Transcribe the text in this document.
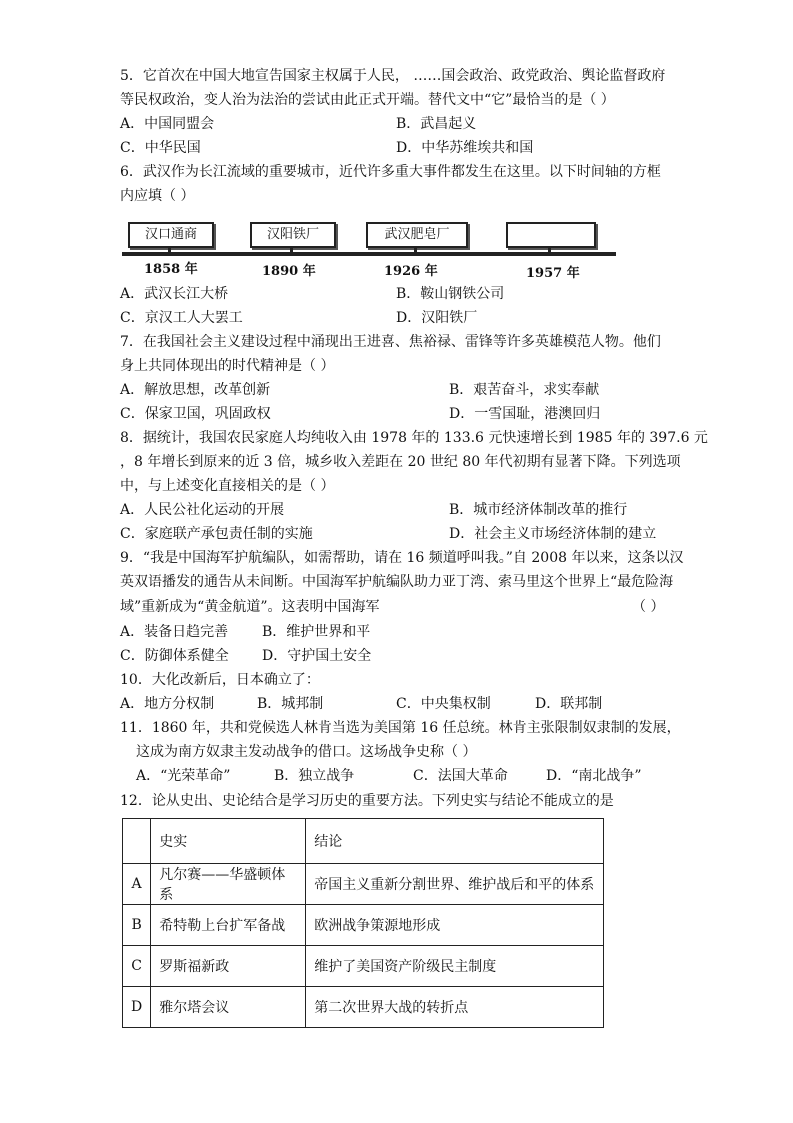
5．它首次在中国大地宣告国家主权属于人民， ……国会政治、政党政治、舆论监督政府
等民权政治，变人治为法治的尝试由此正式开端。替代文中“它”最恰当的是（ ）
A．中国同盟会	B．武昌起义
C．中华民国	D．中华苏维埃共和国
6．武汉作为长江流域的重要城市，近代许多重大事件都发生在这里。以下时间轴的方框
内应填（ ）
汉口通商	汉阳铁厂	武汉肥皂厂
1858 年	1890 年	1926 年	1957 年
A．武汉长江大桥	B．鞍山钢铁公司
C．京汉工人大罢工	D．汉阳铁厂
7．在我国社会主义建设过程中涌现出王进喜、焦裕禄、雷锋等许多英雄模范人物。他们
身上共同体现出的时代精神是（ ）
A．解放思想，改革创新	B．艰苦奋斗，求实奉献
C．保家卫国，巩固政权	D．一雪国耻，港澳回归
8．据统计，我国农民家庭人均纯收入由 1978 年的 133.6 元快速增长到 1985 年的 397.6 元
，8 年增长到原来的近 3 倍，城乡收入差距在 20 世纪 80 年代初期有显著下降。下列选项
中，与上述变化直接相关的是（ ）
A．人民公社化运动的开展	B．城市经济体制改革的推行
C．家庭联产承包责任制的实施	D．社会主义市场经济体制的建立
9．“我是中国海军护航编队，如需帮助，请在 16 频道呼叫我。”自 2008 年以来，这条以汉
英双语播发的通告从未间断。中国海军护航编队助力亚丁湾、索马里这个世界上“最危险海
域”重新成为“黄金航道”。这表明中国海军	（ ）
A．装备日趋完善 B．维护世界和平
C．防御体系健全 D．守护国土安全
10．大化改新后，日本确立了：
A．地方分权制	B．城邦制	C．中央集权制	D．联邦制
11．1860 年，共和党候选人林肯当选为美国第 16 任总统。林肯主张限制奴隶制的发展，
这成为南方奴隶主发动战争的借口。这场战争史称（ ）
A．“光荣革命”	B．独立战争	C．法国大革命	D．“南北战争”
12．论从史出、史论结合是学习历史的重要方法。下列史实与结论不能成立的是
	史实	结论
A	凡尔赛——华盛顿体系	帝国主义重新分割世界、维护战后和平的体系
B	希特勒上台扩军备战	欧洲战争策源地形成
C	罗斯福新政	维护了美国资产阶级民主制度
D	雅尔塔会议	第二次世界大战的转折点
